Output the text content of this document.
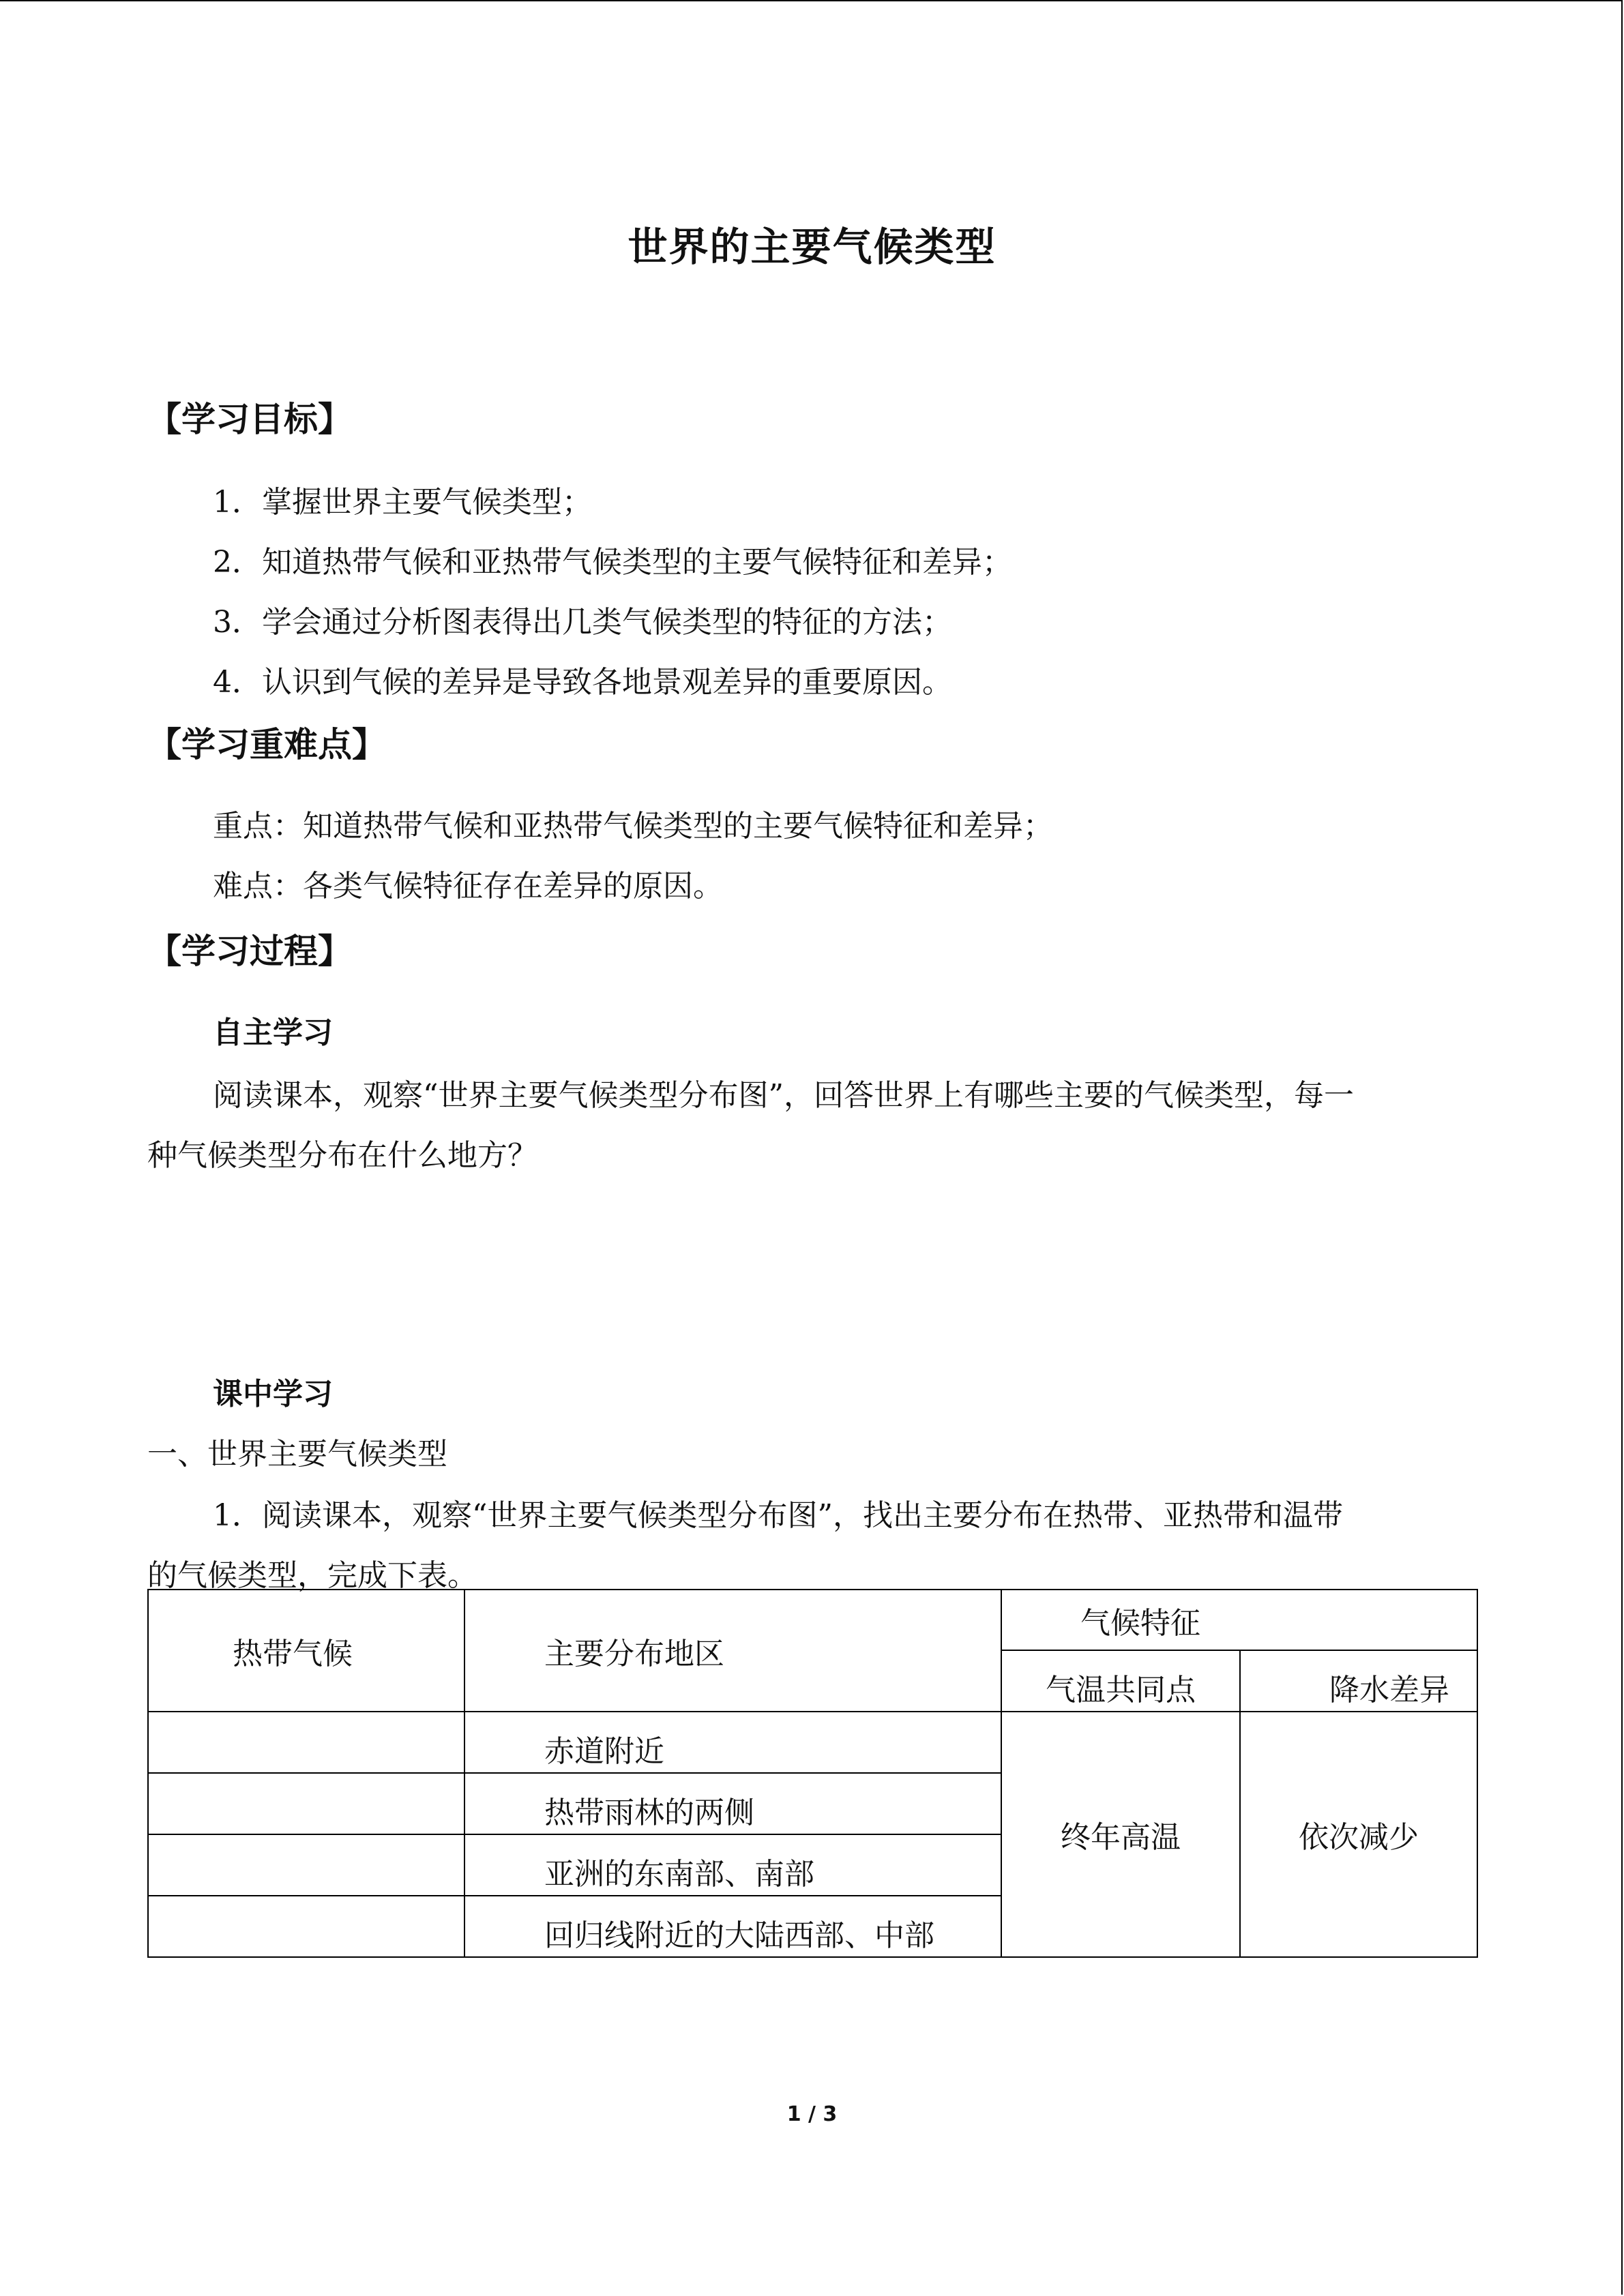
世界的主要气候类型
【学习目标】
1．掌握世界主要气候类型；
2．知道热带气候和亚热带气候类型的主要气候特征和差异；
3．学会通过分析图表得出几类气候类型的特征的方法；
4．认识到气候的差异是导致各地景观差异的重要原因。
【学习重难点】
重点：知道热带气候和亚热带气候类型的主要气候特征和差异；
难点：各类气候特征存在差异的原因。
【学习过程】
自主学习
阅读课本，观察“世界主要气候类型分布图”，回答世界上有哪些主要的气候类型，每一
种气候类型分布在什么地方？
课中学习
一、世界主要气候类型
1．阅读课本，观察“世界主要气候类型分布图”，找出主要分布在热带、亚热带和温带
的气候类型，完成下表。
热带气候	主要分布地区	气候特征	
		气温共同点	降水差异
	赤道附近	终年高温	依次减少
	热带雨林的两侧		
	亚洲的东南部、南部		
	回归线附近的大陆西部、中部		
1 / 3
